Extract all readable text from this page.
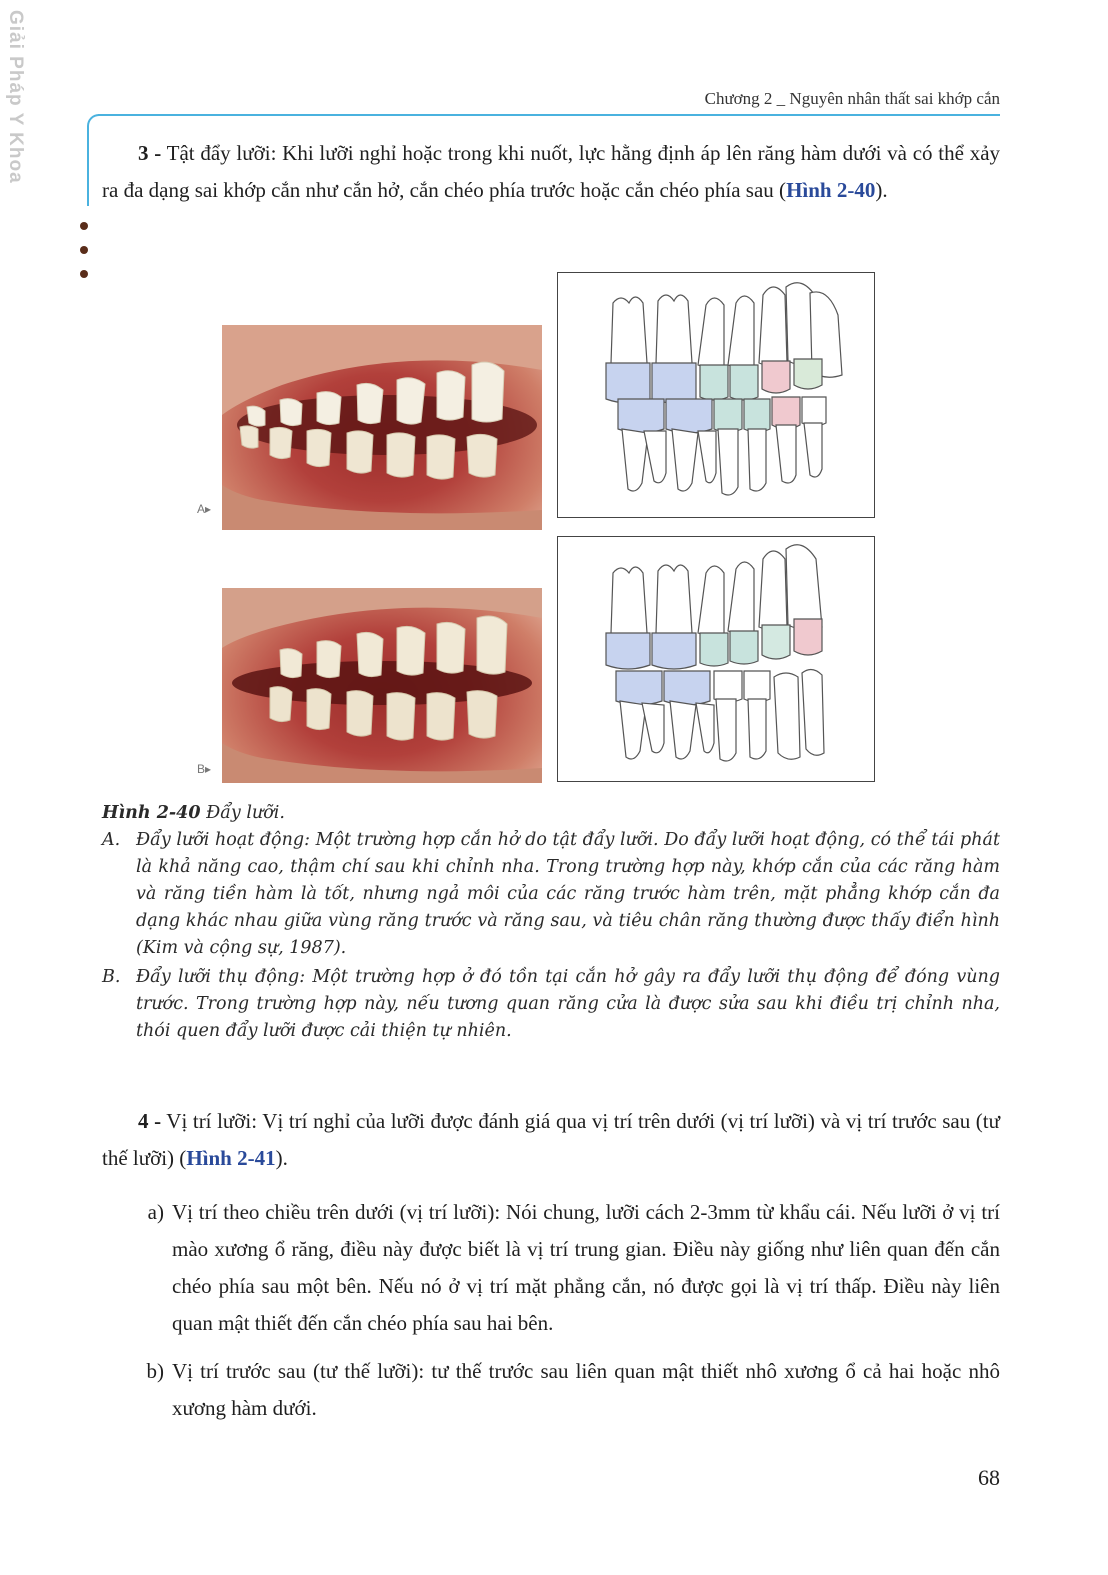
Giải Pháp Y Khoa	Chương 2 _ Nguyên nhân thất sai khớp cắn

3 - Tật đẩy lưỡi: Khi lưỡi nghỉ hoặc trong khi nuốt, lực hằng định áp lên răng hàm dưới và có thể xảy ra đa dạng sai khớp cắn như cắn hở, cắn chéo phía trước hoặc cắn chéo phía sau (Hình 2-40).

A▸
B▸
Hình 2-40 Đẩy lưỡi.
A. Đẩy lưỡi hoạt động: Một trường hợp cắn hở do tật đẩy lưỡi. Do đẩy lưỡi hoạt động, có thể tái phát là khả năng cao, thậm chí sau khi chỉnh nha. Trong trường hợp này, khớp cắn của các răng hàm và răng tiền hàm là tốt, nhưng ngả môi của các răng trước hàm trên, mặt phẳng khớp cắn đa dạng khác nhau giữa vùng răng trước và răng sau, và tiêu chân răng thường được thấy điển hình (Kim và cộng sự, 1987).
B. Đẩy lưỡi thụ động: Một trường hợp ở đó tồn tại cắn hở gây ra đẩy lưỡi thụ động để đóng vùng trước. Trong trường hợp này, nếu tương quan răng cửa là được sửa sau khi điều trị chỉnh nha, thói quen đẩy lưỡi được cải thiện tự nhiên.

4 - Vị trí lưỡi: Vị trí nghỉ của lưỡi được đánh giá qua vị trí trên dưới (vị trí lưỡi) và vị trí trước sau (tư thế lưỡi) (Hình 2-41).

a) Vị trí theo chiều trên dưới (vị trí lưỡi): Nói chung, lưỡi cách 2-3mm từ khẩu cái. Nếu lưỡi ở vị trí mào xương ổ răng, điều này được biết là vị trí trung gian. Điều này giống như liên quan đến cắn chéo phía sau một bên. Nếu nó ở vị trí mặt phẳng cắn, nó được gọi là vị trí thấp. Điều này liên quan mật thiết đến cắn chéo phía sau hai bên.
b) Vị trí trước sau (tư thế lưỡi): tư thế trước sau liên quan mật thiết nhô xương ổ cả hai hoặc nhô xương hàm dưới.
68
